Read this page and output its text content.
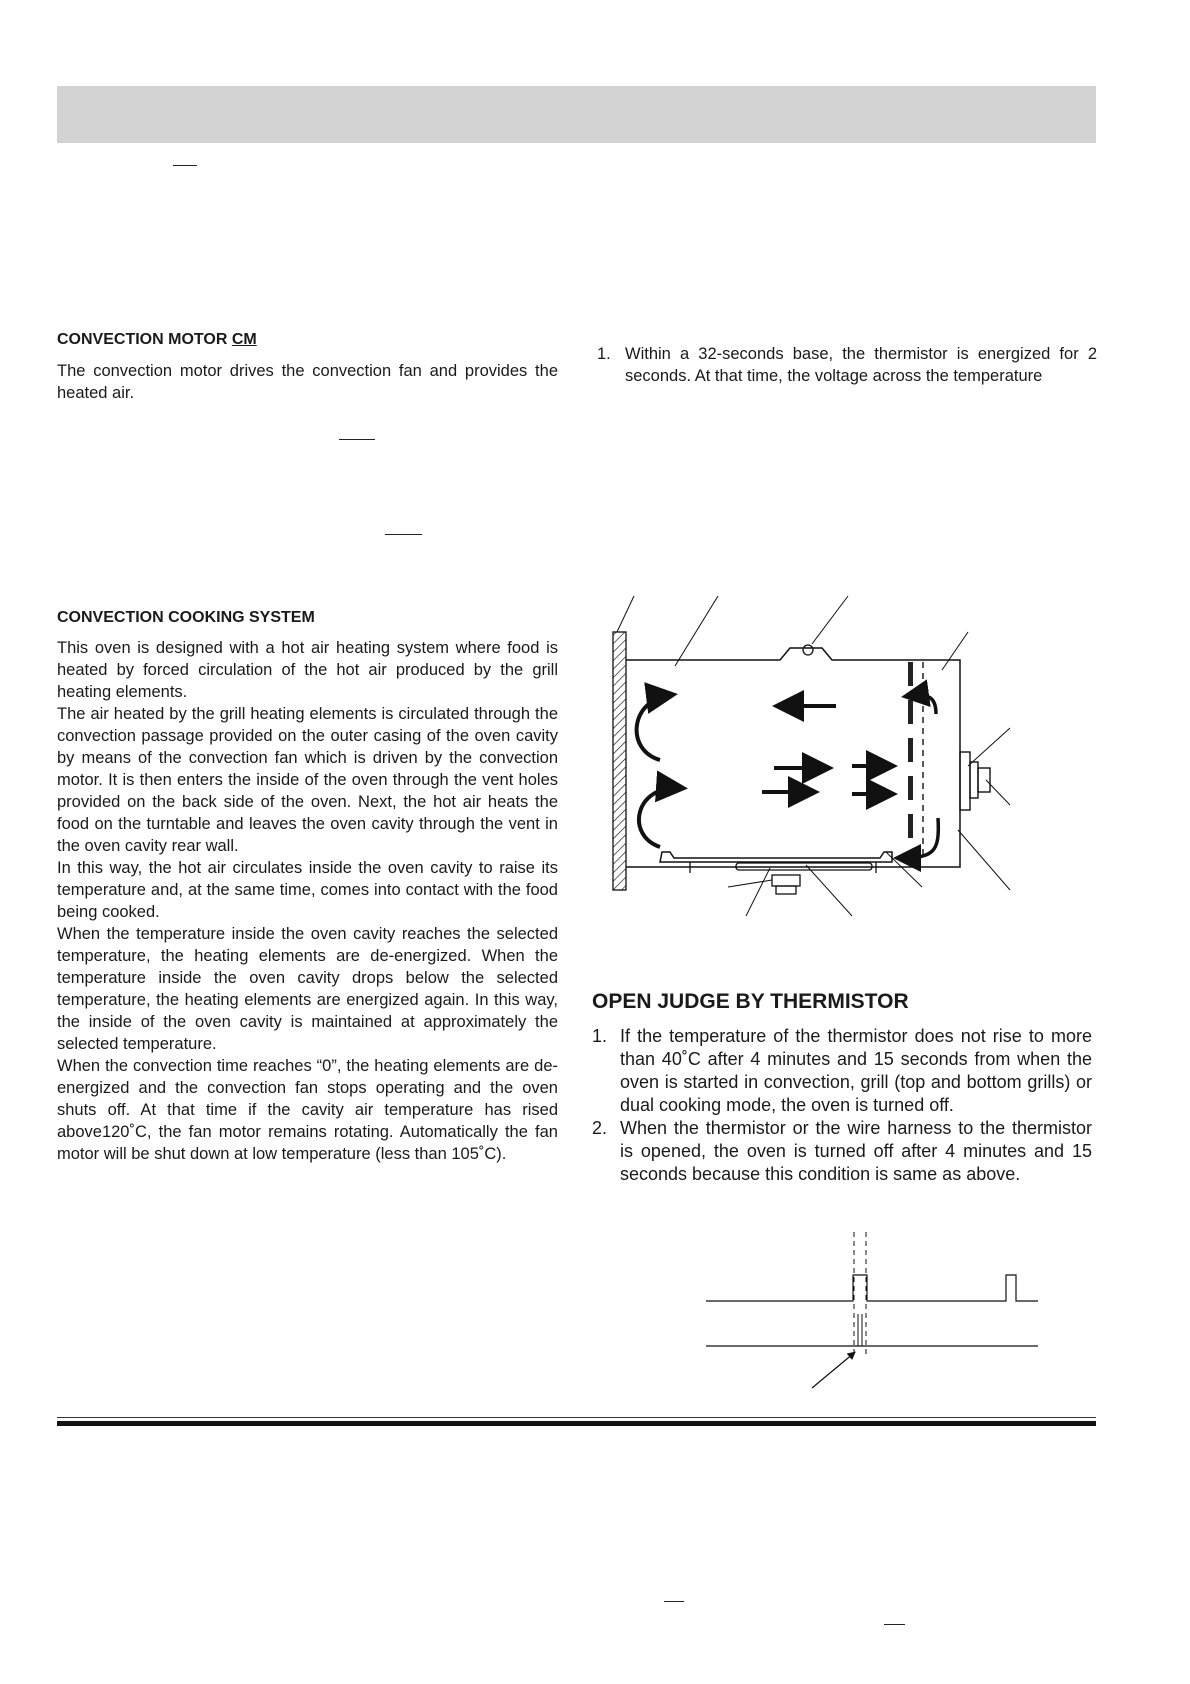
CONVECTION MOTOR CM

The convection motor drives the convection fan and provides the heated air.

1. Within a 32-seconds base, the thermistor is energized for 2 seconds. At that time, the voltage across the temperature
CONVECTION COOKING SYSTEM

This oven is designed with a hot air heating system where food is heated by forced circulation of the hot air produced by the grill heating elements.

The air heated by the grill heating elements is circulated through the convection passage provided on the outer casing of the oven cavity by means of the convection fan which is driven by the convection motor. It is then enters the inside of the oven through the vent holes provided on the back side of the oven. Next, the hot air heats the food on the turntable and leaves the oven cavity through the vent in the oven cavity rear wall.

In this way, the hot air circulates inside the oven cavity to raise its temperature and, at the same time, comes into contact with the food being cooked.

When the temperature inside the oven cavity reaches the selected temperature, the heating elements are de-energized. When the temperature inside the oven cavity drops below the selected temperature, the heating elements are energized again. In this way, the inside of the oven cavity is maintained at approximately the selected temperature.

When the convection time reaches “0”, the heating elements are de-energized and the convection fan stops operating and the oven shuts off. At that time if the cavity air temperature has rised above120˚C, the fan motor remains rotating. Automatically the fan motor will be shut down at low temperature (less than 105˚C).

OPEN JUDGE BY THERMISTOR
1. If the temperature of the thermistor does not rise to more than 40˚C after 4 minutes and 15 seconds from when the oven is started in convection, grill (top and bottom grills) or dual cooking mode, the oven is turned off.
2. When the thermistor or the wire harness to the thermistor is opened, the oven is turned off after 4 minutes and 15 seconds because this condition is same as above.
